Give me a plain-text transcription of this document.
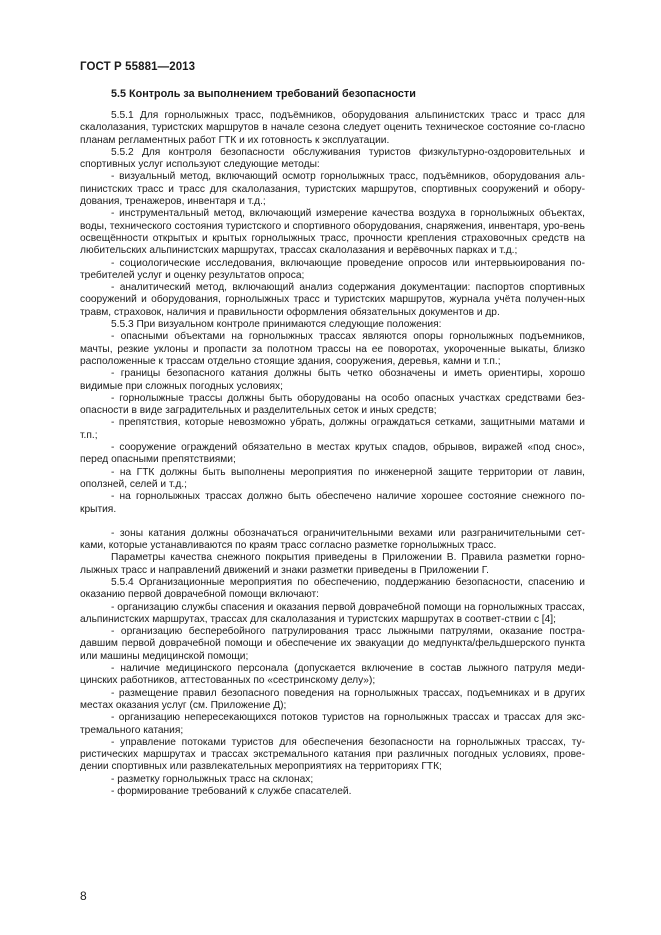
ГОСТ Р 55881—2013
5.5 Контроль за выполнением требований безопасности

5.5.1 Для горнолыжных трасс, подъёмников, оборудования альпинистских трасс и трасс для скалолазания, туристских маршрутов в начале сезона следует оценить техническое состояние со-гласно планам регламентных работ ГТК и их готовность к эксплуатации.

5.5.2 Для контроля безопасности обслуживания туристов физкультурно-оздоровительных и спортивных услуг используют следующие методы:

- визуальный метод, включающий осмотр горнолыжных трасс, подъёмников, оборудования аль-пинистских трасс и трасс для скалолазания, туристских маршрутов, спортивных сооружений и обору-дования, тренажеров, инвентаря и т.д.;

- инструментальный метод, включающий измерение качества воздуха в горнолыжных объектах, воды, технического состояния туристского и спортивного оборудования, снаряжения, инвентаря, уро-вень освещённости открытых и крытых горнолыжных трасс, прочности крепления страховочных средств на любительских альпинистских маршрутах, трассах скалолазания и верёвочных парках и т.д.;

- социологические исследования, включающие проведение опросов или интервьюирования по-требителей услуг и оценку результатов опроса;

- аналитический метод, включающий анализ содержания документации: паспортов спортивных сооружений и оборудования, горнолыжных трасс и туристских маршрутов, журнала учёта получен-ных травм, страховок, наличия и правильности оформления обязательных документов и др.

5.5.3 При визуальном контроле принимаются следующие положения:

- опасными объектами на горнолыжных трассах являются опоры горнолыжных подъемников, мачты, резкие уклоны и пропасти за полотном трассы на ее поворотах, укороченные выкаты, близко расположенные к трассам отдельно стоящие здания, сооружения, деревья, камни и т.п.;

- границы безопасного катания должны быть четко обозначены и иметь ориентиры, хорошо видимые при сложных погодных условиях;

- горнолыжные трассы должны быть оборудованы на особо опасных участках средствами без-опасности в виде заградительных и разделительных сеток и иных средств;

- препятствия, которые невозможно убрать, должны ограждаться сетками, защитными матами и т.п.;

- сооружение ограждений обязательно в местах крутых спадов, обрывов, виражей «под снос», перед опасными препятствиями;

- на ГТК должны быть выполнены мероприятия по инженерной защите территории от лавин, оползней, селей и т.д.;

- на горнолыжных трассах должно быть обеспечено наличие хорошее состояние снежного по-крытия.

- зоны катания должны обозначаться ограничительными вехами или разграничительными сет-ками, которые устанавливаются по краям трасс согласно разметке горнолыжных трасс.

Параметры качества снежного покрытия приведены в Приложении В. Правила разметки горно-лыжных трасс и направлений движений и знаки разметки приведены в Приложении Г.

5.5.4 Организационные мероприятия по обеспечению, поддержанию безопасности, спасению и оказанию первой доврачебной помощи включают:

- организацию службы спасения и оказания первой доврачебной помощи на горнолыжных трассах, альпинистских маршрутах, трассах для скалолазания и туристских маршрутах в соответ-ствии с [4];

- организацию бесперебойного патрулирования трасс лыжными патрулями, оказание постра-давшим первой доврачебной помощи и обеспечение их эвакуации до медпункта/фельдшерского пункта или машины медицинской помощи;

- наличие медицинского персонала (допускается включение в состав лыжного патруля меди-цинских работников, аттестованных по «сестринскому делу»);

- размещение правил безопасного поведения на горнолыжных трассах, подъемниках и в других местах оказания услуг (см. Приложение Д);

- организацию непересекающихся потоков туристов на горнолыжных трассах и трассах для экс-тремального катания;

- управление потоками туристов для обеспечения безопасности на горнолыжных трассах, ту-ристических маршрутах и трассах экстремального катания при различных погодных условиях, прове-дении спортивных или развлекательных мероприятиях на территориях ГТК;

- разметку горнолыжных трасс на склонах;

- формирование требований к службе спасателей.

8
